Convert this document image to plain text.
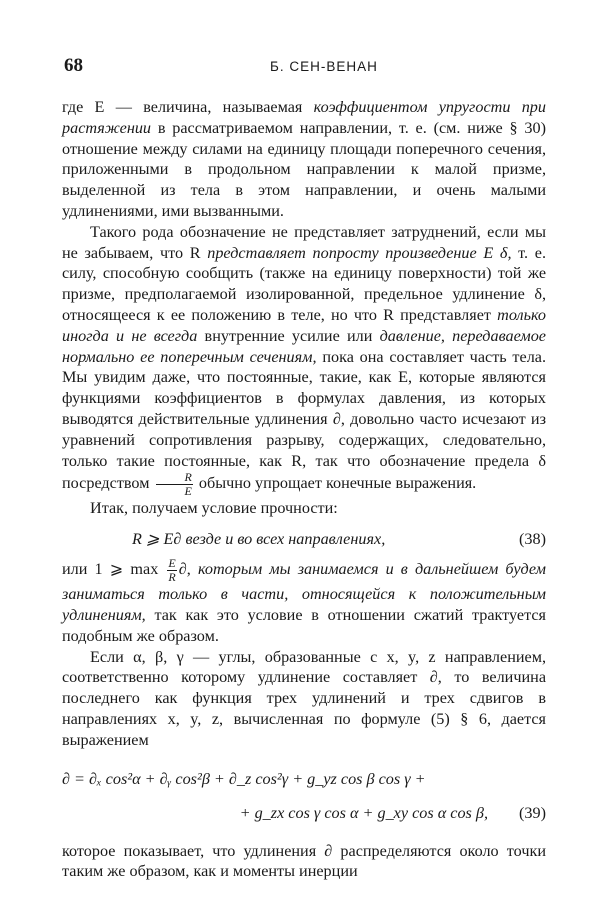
68	Б. СЕН-ВЕНАН

где E — величина, называемая коэффициентом упругости при растяжении в рассматриваемом направлении, т. е. (см. ниже § 30) отношение между силами на единицу площади поперечного сечения, приложенными в продольном направлении к малой призме, выделенной из тела в этом направлении, и очень малыми удлинениями, ими вызванными.

Такого рода обозначение не представляет затруднений, если мы не забываем, что R представляет попросту произведение E δ, т. е. силу, способную сообщить (также на единицу поверхности) той же призме, предполагаемой изолированной, предельное удлинение δ, относящееся к ее положению в теле, но что R представляет только иногда и не всегда внутренние усилие или давление, передаваемое нормально ее поперечным сечениям, пока она составляет часть тела. Мы увидим даже, что постоянные, такие, как E, которые являются функциями коэффициентов в формулах давления, из которых выводятся действительные удлинения ∂, довольно часто исчезают из уравнений сопротивления разрыву, содержащих, следовательно, только такие постоянные, как R, так что обозначение предела δ посредством $\frac{R}{E}$ обычно упрощает конечные выражения.

Итак, получаем условие прочности:

R ⩾ E∂ везде и во всех направлениях,	(38)

или 1 ⩾ $\max \frac{E}{R}$ ∂, которым мы занимаемся и в дальнейшем будем заниматься только в части, относящейся к положительным удлинениям, так как это условие в отношении сжатий трактуется подобным же образом.

Если α, β, γ — углы, образованные с x, y, z направлением, соответственно которому удлинение составляет ∂, то величина последнего как функция трех удлинений и трех сдвигов в направлениях x, y, z, вычисленная по формуле (5) § 6, дается выражением

∂ = ∂ₓ cos²α + ∂ᵧ cos²β + ∂_z cos²γ + g_yz cos β cos γ +
+ g_zx cos γ cos α + g_xy cos α cos β, (39)

которое показывает, что удлинения ∂ распределяются около точки таким же образом, как и моменты инерции
